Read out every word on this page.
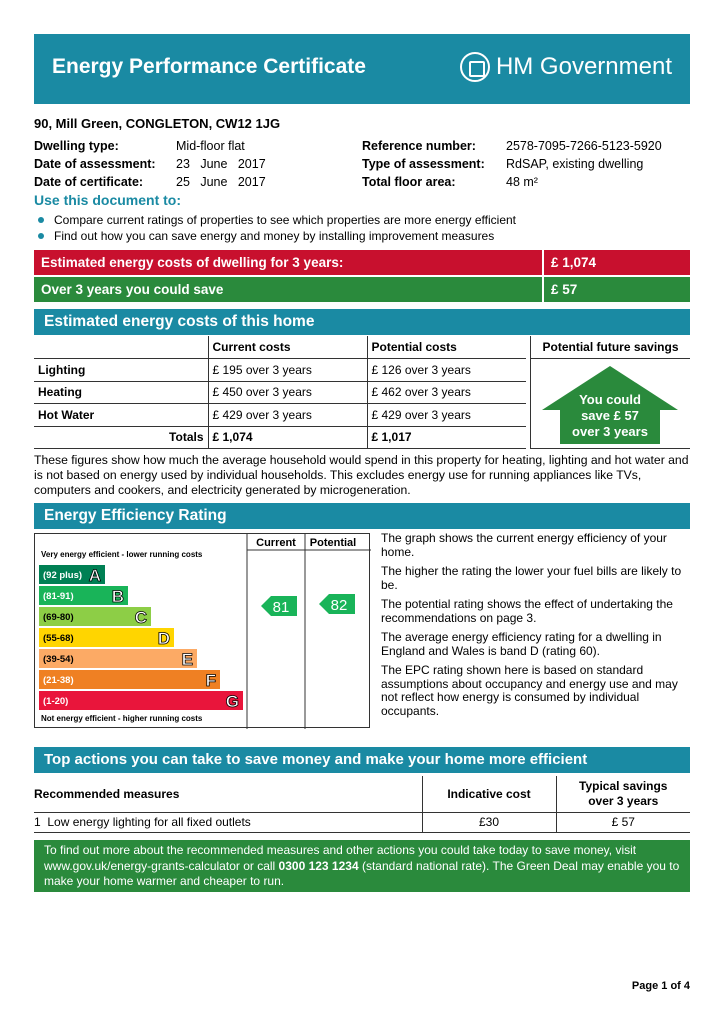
Energy Performance Certificate	HM Government
90, Mill Green, CONGLETON, CW12 1JG
Dwelling type:	Mid-floor flat
Date of assessment:	23   June   2017
Date of certificate:	25   June   2017
Reference number:	2578-7095-7266-5123-5920
Type of assessment:	RdSAP, existing dwelling
Total floor area:	48 m²
Use this document to:
Compare current ratings of properties to see which properties are more energy efficient
Find out how you can save energy and money by installing improvement measures
Estimated energy costs of dwelling for 3 years:	£ 1,074
Over 3 years you could save	£ 57
Estimated energy costs of this home
	Current costs	Potential costs
Lighting	£ 195 over 3 years	£ 126 over 3 years
Heating	£ 450 over 3 years	£ 462 over 3 years
Hot Water	£ 429 over 3 years	£ 429 over 3 years
Totals	£ 1,074	£ 1,017
Potential future savings
You could
save £ 57
over 3 years
These figures show how much the average household would spend in this property for heating, lighting and hot water and is not based on energy used by individual households. This excludes energy use for running appliances like TVs, computers and cookers, and electricity generated by microgeneration.
Energy Efficiency Rating
Very energy efficient - lower running costs
Not energy efficient - higher running costs
Current Potential
(92 plus) A
(81-91) B
(69-80)	C
(55-68)	D
(39-54)	E
(21-38)	F
(1-20)	G
81	82

The graph shows the current energy efficiency of your home.

The higher the rating the lower your fuel bills are likely to be.

The potential rating shows the effect of undertaking the recommendations on page 3.

The average energy efficiency rating for a dwelling in England and Wales is band D (rating 60).

The EPC rating shown here is based on standard assumptions about occupancy and energy use and may not reflect how energy is consumed by individual occupants.

Top actions you can take to save money and make your home more efficient
Recommended measures	Indicative cost	Typical savings
over 3 years
1 Low energy lighting for all fixed outlets	£30	£ 57
To find out more about the recommended measures and other actions you could take today to save money, visit
www.gov.uk/energy-grants-calculator or call 0300 123 1234 (standard national rate). The Green Deal may enable you to
make your home warmer and cheaper to run.
Page 1 of 4
